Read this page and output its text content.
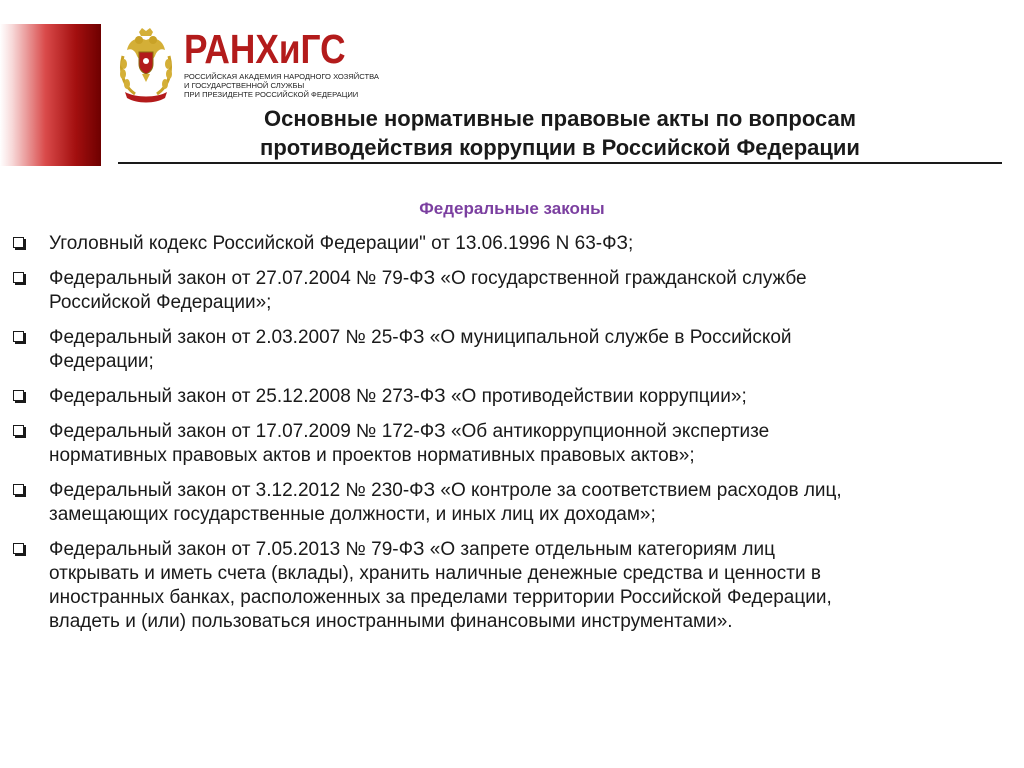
РАНХиГС
РОССИЙСКАЯ АКАДЕМИЯ НАРОДНОГО ХОЗЯЙСТВА
И ГОСУДАРСТВЕННОЙ СЛУЖБЫ
ПРИ ПРЕЗИДЕНТЕ РОССИЙСКОЙ ФЕДЕРАЦИИ
Основные нормативные правовые акты по вопросам
противодействия коррупции в Российской Федерации
Федеральные законы
Уголовный кодекс Российской Федерации" от 13.06.1996 N 63-ФЗ;
Федеральный закон от 27.07.2004 № 79-ФЗ «О государственной гражданской службе
Российской Федерации»;
Федеральный закон от 2.03.2007 № 25-ФЗ «О муниципальной службе в Российской
Федерации;
Федеральный закон от 25.12.2008 № 273-ФЗ «О противодействии коррупции»;
Федеральный закон от 17.07.2009 № 172-ФЗ «Об антикоррупционной экспертизе
нормативных правовых актов и проектов нормативных правовых актов»;
Федеральный закон от 3.12.2012 № 230-ФЗ «О контроле за соответствием расходов лиц,
замещающих государственные должности, и иных лиц их доходам»;
Федеральный закон от 7.05.2013 № 79-ФЗ «О запрете отдельным категориям лиц
открывать и иметь счета (вклады), хранить наличные денежные средства и ценности в
иностранных банках, расположенных за пределами территории Российской Федерации,
владеть и (или) пользоваться иностранными финансовыми инструментами».
